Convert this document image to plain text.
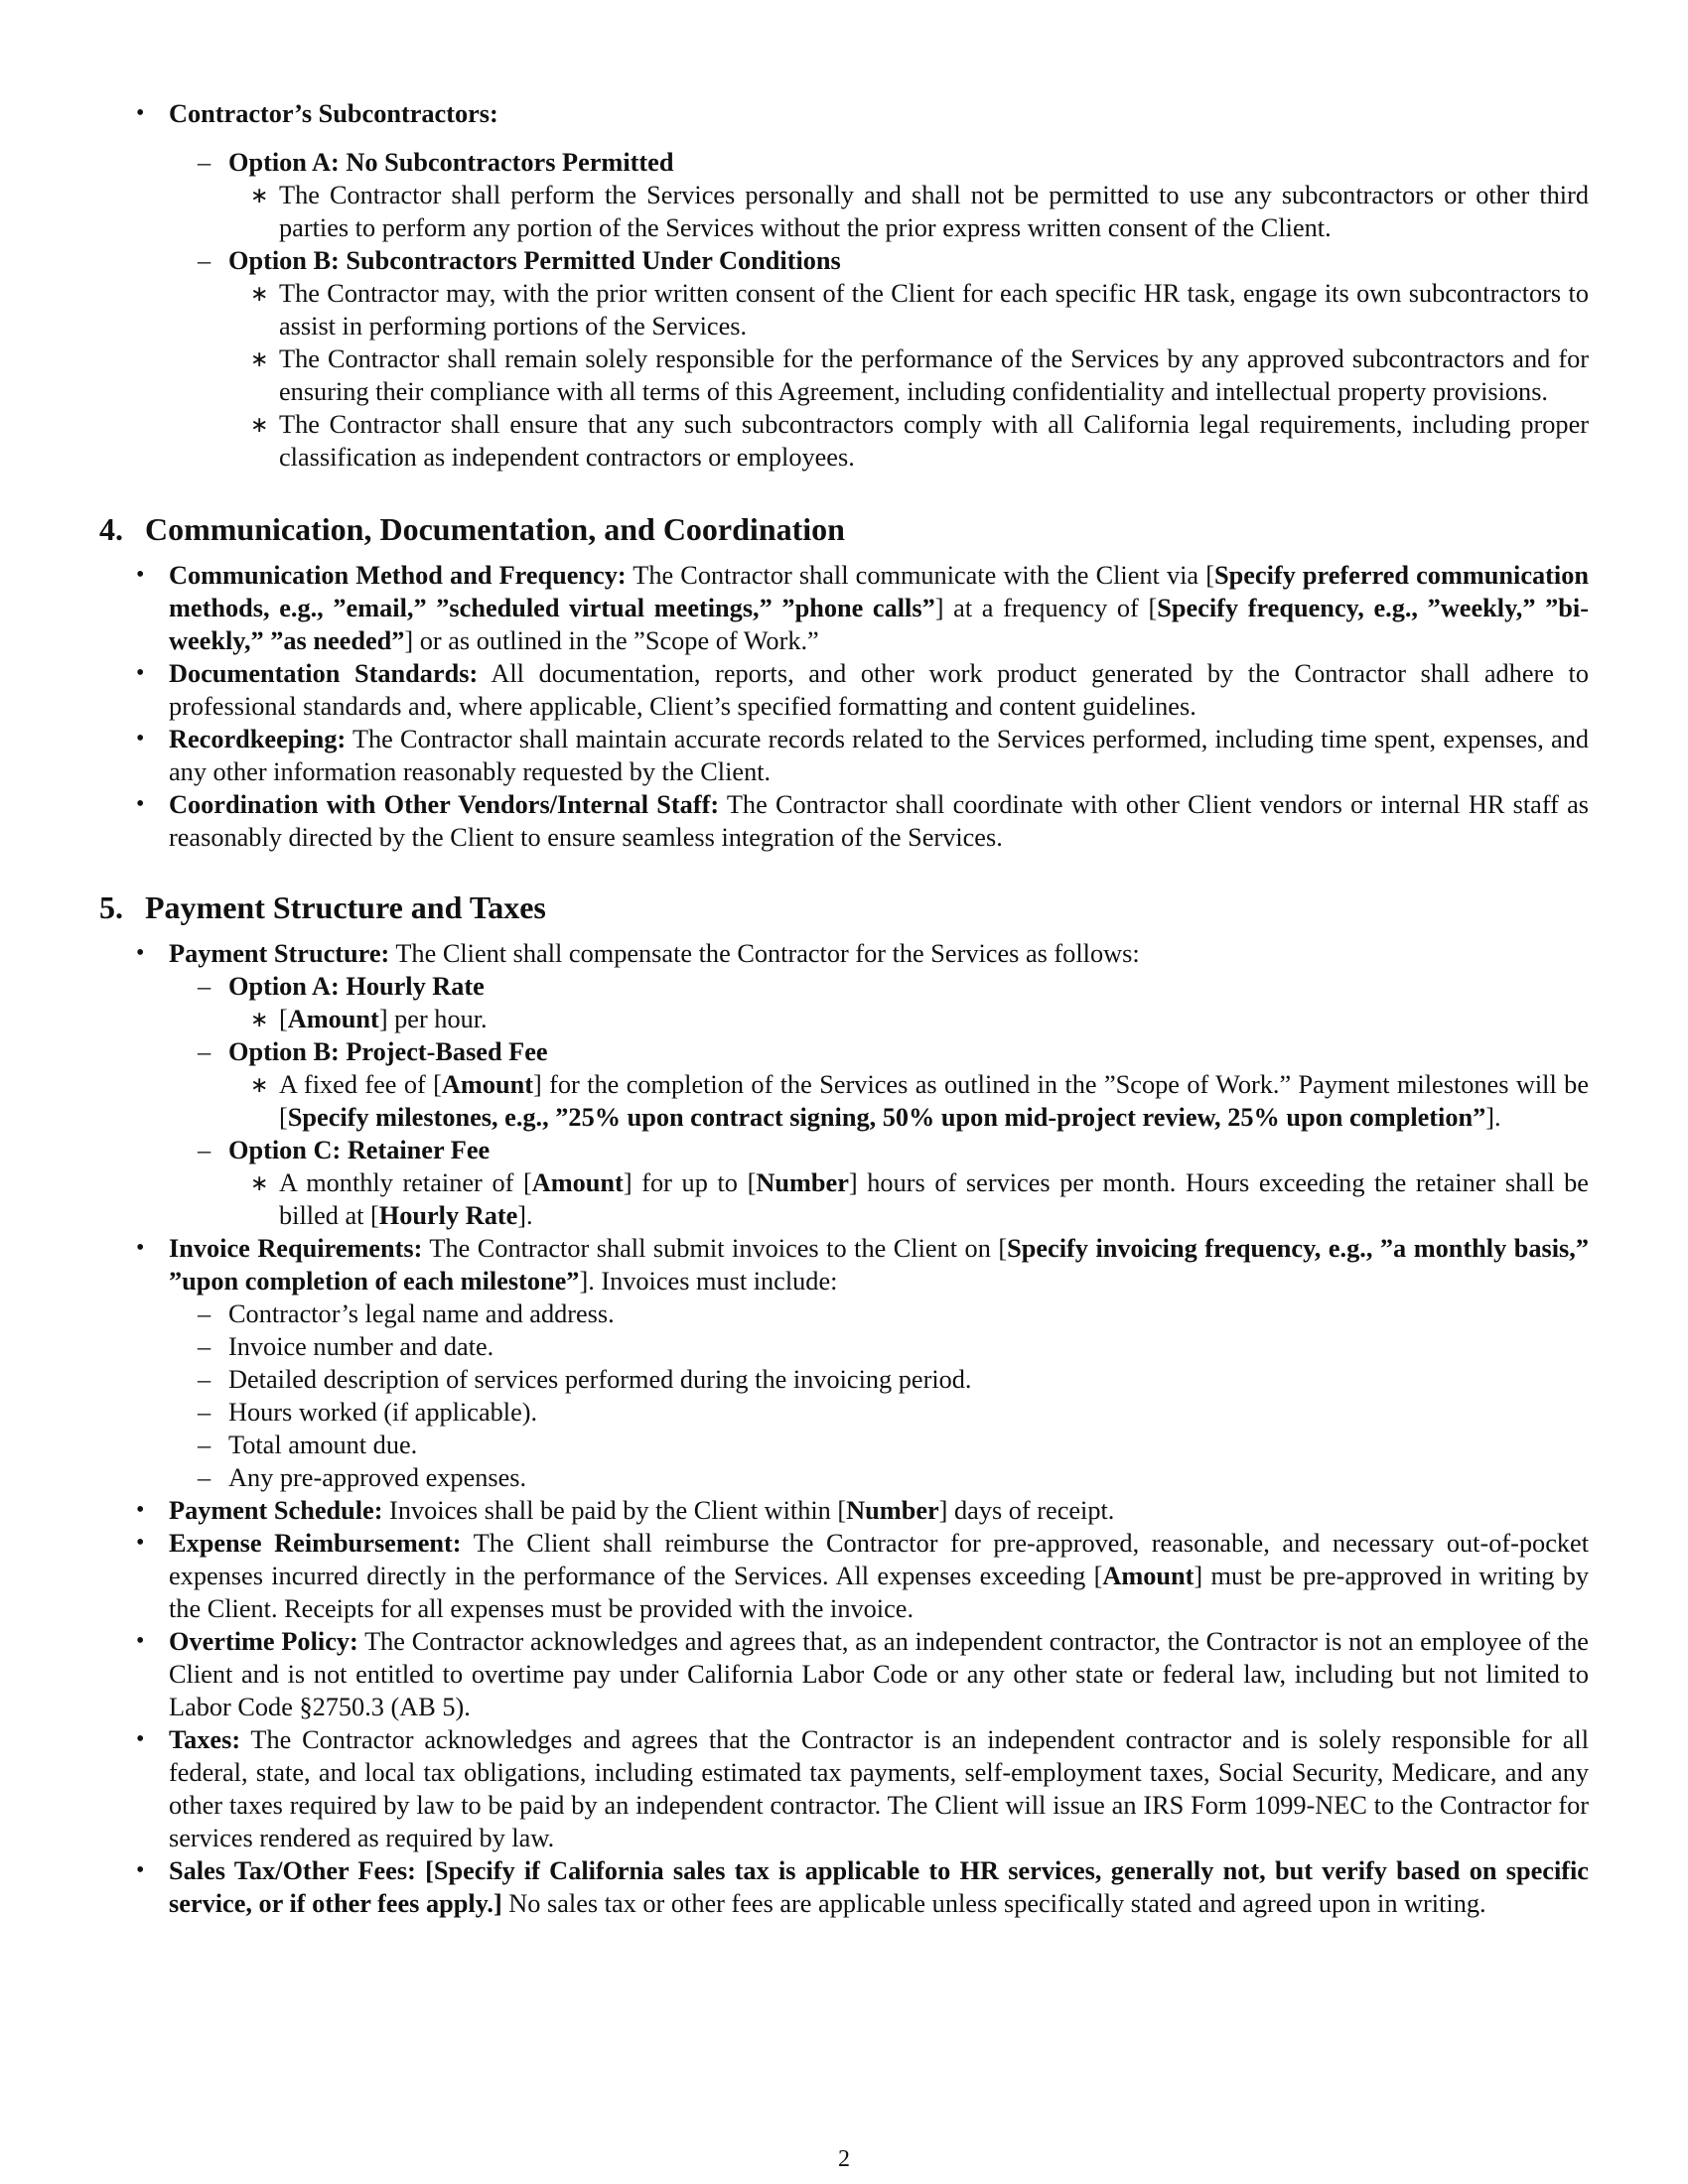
• Contractor’s Subcontractors:
– Option A: No Subcontractors Permitted
∗ The Contractor shall perform the Services personally and shall not be permitted to use any subcontractors or other third parties to perform any portion of the Services without the prior express written consent of the Client.
– Option B: Subcontractors Permitted Under Conditions
∗ The Contractor may, with the prior written consent of the Client for each specific HR task, engage its own subcontractors to assist in performing portions of the Services.
∗ The Contractor shall remain solely responsible for the performance of the Services by any approved subcontractors and for ensuring their compliance with all terms of this Agreement, including confidentiality and intellectual property provisions.
∗ The Contractor shall ensure that any such subcontractors comply with all California legal requirements, including proper classification as independent contractors or employees.
4. Communication, Documentation, and Coordination
• Communication Method and Frequency: The Contractor shall communicate with the Client via [Specify preferred communication methods, e.g., ”email,” ”scheduled virtual meetings,” ”phone calls”] at a frequency of [Specify frequency, e.g., ”weekly,” ”bi-weekly,” ”as needed”] or as outlined in the ”Scope of Work.”
• Documentation Standards: All documentation, reports, and other work product generated by the Contractor shall adhere to professional standards and, where applicable, Client’s specified formatting and content guidelines.
• Recordkeeping: The Contractor shall maintain accurate records related to the Services performed, including time spent, expenses, and any other information reasonably requested by the Client.
• Coordination with Other Vendors/Internal Staff: The Contractor shall coordinate with other Client vendors or internal HR staff as reasonably directed by the Client to ensure seamless integration of the Services.
5. Payment Structure and Taxes
• Payment Structure: The Client shall compensate the Contractor for the Services as follows:
– Option A: Hourly Rate
∗ [Amount] per hour.
– Option B: Project-Based Fee
∗ A fixed fee of [Amount] for the completion of the Services as outlined in the ”Scope of Work.” Payment milestones will be [Specify milestones, e.g., ”25% upon contract signing, 50% upon mid-project review, 25% upon completion”].
– Option C: Retainer Fee
∗ A monthly retainer of [Amount] for up to [Number] hours of services per month. Hours exceeding the retainer shall be billed at [Hourly Rate].
• Invoice Requirements: The Contractor shall submit invoices to the Client on [Specify invoicing frequency, e.g., ”a monthly basis,” ”upon completion of each milestone”]. Invoices must include:
– Contractor’s legal name and address.
– Invoice number and date.
– Detailed description of services performed during the invoicing period.
– Hours worked (if applicable).
– Total amount due.
– Any pre-approved expenses.
• Payment Schedule: Invoices shall be paid by the Client within [Number] days of receipt.
• Expense Reimbursement: The Client shall reimburse the Contractor for pre-approved, reasonable, and necessary out-of-pocket expenses incurred directly in the performance of the Services. All expenses exceeding [Amount] must be pre-approved in writing by the Client. Receipts for all expenses must be provided with the invoice.
• Overtime Policy: The Contractor acknowledges and agrees that, as an independent contractor, the Contractor is not an employee of the Client and is not entitled to overtime pay under California Labor Code or any other state or federal law, including but not limited to Labor Code §2750.3 (AB 5).
• Taxes: The Contractor acknowledges and agrees that the Contractor is an independent contractor and is solely responsible for all federal, state, and local tax obligations, including estimated tax payments, self-employment taxes, Social Security, Medicare, and any other taxes required by law to be paid by an independent contractor. The Client will issue an IRS Form 1099-NEC to the Contractor for services rendered as required by law.
• Sales Tax/Other Fees: [Specify if California sales tax is applicable to HR services, generally not, but verify based on specific service, or if other fees apply.] No sales tax or other fees are applicable unless specifically stated and agreed upon in writing.
2
